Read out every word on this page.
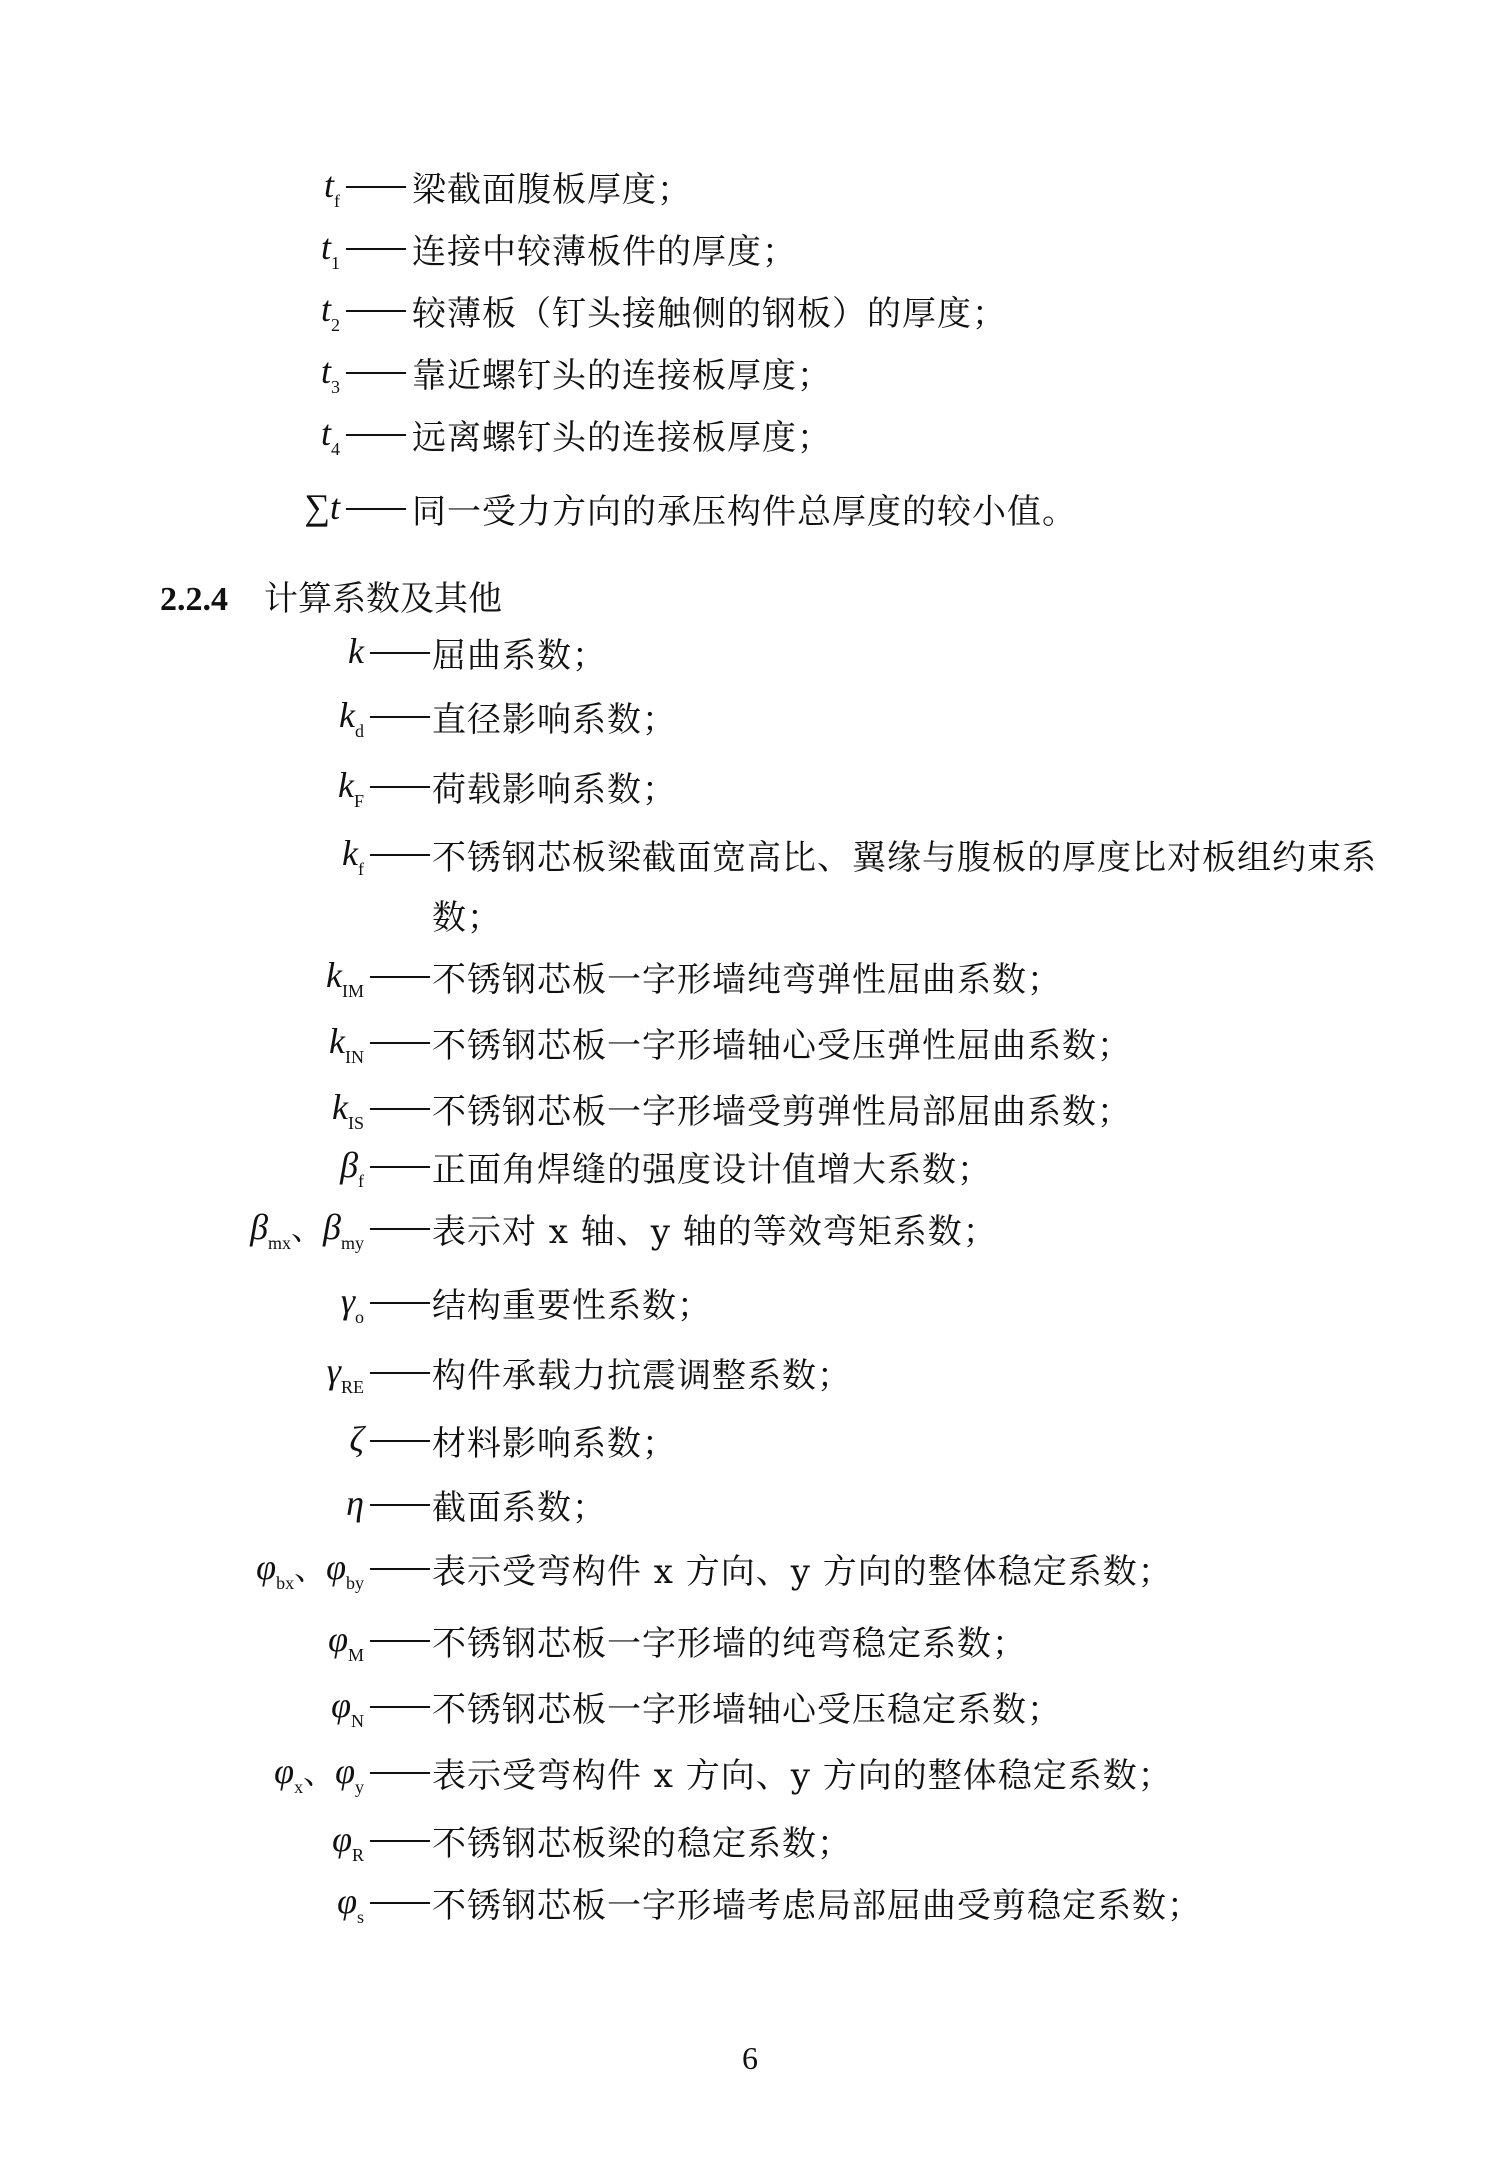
$t_f$ 梁截面腹板厚度；
$t_1$ 连接中较薄板件的厚度；
$t_2$ 较薄板（钉头接触侧的钢板）的厚度；
$t_3$ 靠近螺钉头的连接板厚度；
$t_4$ 远离螺钉头的连接板厚度；
∑t 同一受力方向的承压构件总厚度的较小值。
2.2.4 计算系数及其他
k 屈曲系数；
$k_d$ 直径影响系数；
$k_F$ 荷载影响系数；
$k_f$ 不锈钢芯板梁截面宽高比、翼缘与腹板的厚度比对板组约束系数；
$k_{IM}$ 不锈钢芯板一字形墙纯弯弹性屈曲系数；
$k_{IN}$ 不锈钢芯板一字形墙轴心受压弹性屈曲系数；
$k_{IS}$ 不锈钢芯板一字形墙受剪弹性局部屈曲系数；
$\beta_f$ 正面角焊缝的强度设计值增大系数；
$\beta_{mx}$、$\beta_{my}$ 表示对 x 轴、y 轴的等效弯矩系数；
$\gamma_o$ 结构重要性系数；
$\gamma_{RE}$ 构件承载力抗震调整系数；
ζ 材料影响系数；
η 截面系数；
$\varphi_{bx}$、$\varphi_{by}$ 表示受弯构件 x 方向、y 方向的整体稳定系数；
$\varphi_M$ 不锈钢芯板一字形墙的纯弯稳定系数；
$\varphi_N$ 不锈钢芯板一字形墙轴心受压稳定系数；
$\varphi_x$、$\varphi_y$ 表示受弯构件 x 方向、y 方向的整体稳定系数；
$\varphi_R$ 不锈钢芯板梁的稳定系数；
$\varphi_s$ 不锈钢芯板一字形墙考虑局部屈曲受剪稳定系数；
6
